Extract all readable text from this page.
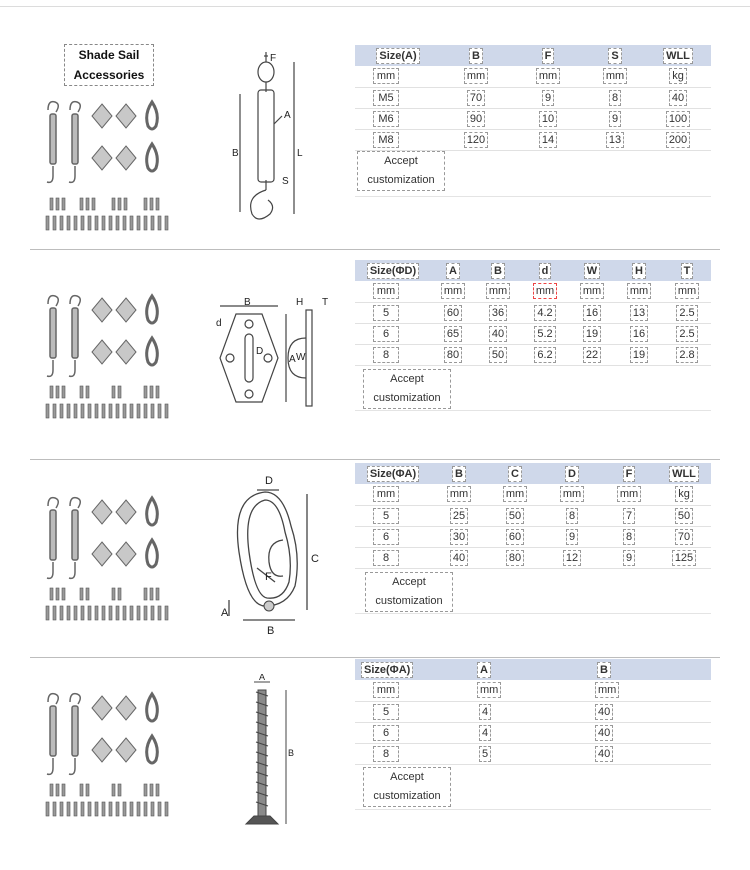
Shade Sail
Accessories
F
A
B	L
S
Size(A)	B	F	S	WLL
mm	mm	mm	mm	kg
M5	70	9	8	40
M6	90	10	9	100
M8	120	14	13	200
Accept
customization
B	H T
d
D
A W
Size(ΦD)	A	B	d	W	H	T
mm	mm	mm	mm	mm	mm	mm
5	60	36	4.2	16	13	2.5
6	65	40	5.2	19	16	2.5
8	80	50	6.2	22	19	2.8
Accept
customization
D
C
A
B
F
Size(ΦA)	B	C	D	F	WLL
mm	mm	mm	mm	mm	kg
5	25	50	8	7	50
6	30	60	9	8	70
8	40	80	12	9	125
Accept
customization
A
B
Size(ΦA)	A	B
mm	mm	mm
5	4	40
6	4	40
8	5	40
Accept
customization
